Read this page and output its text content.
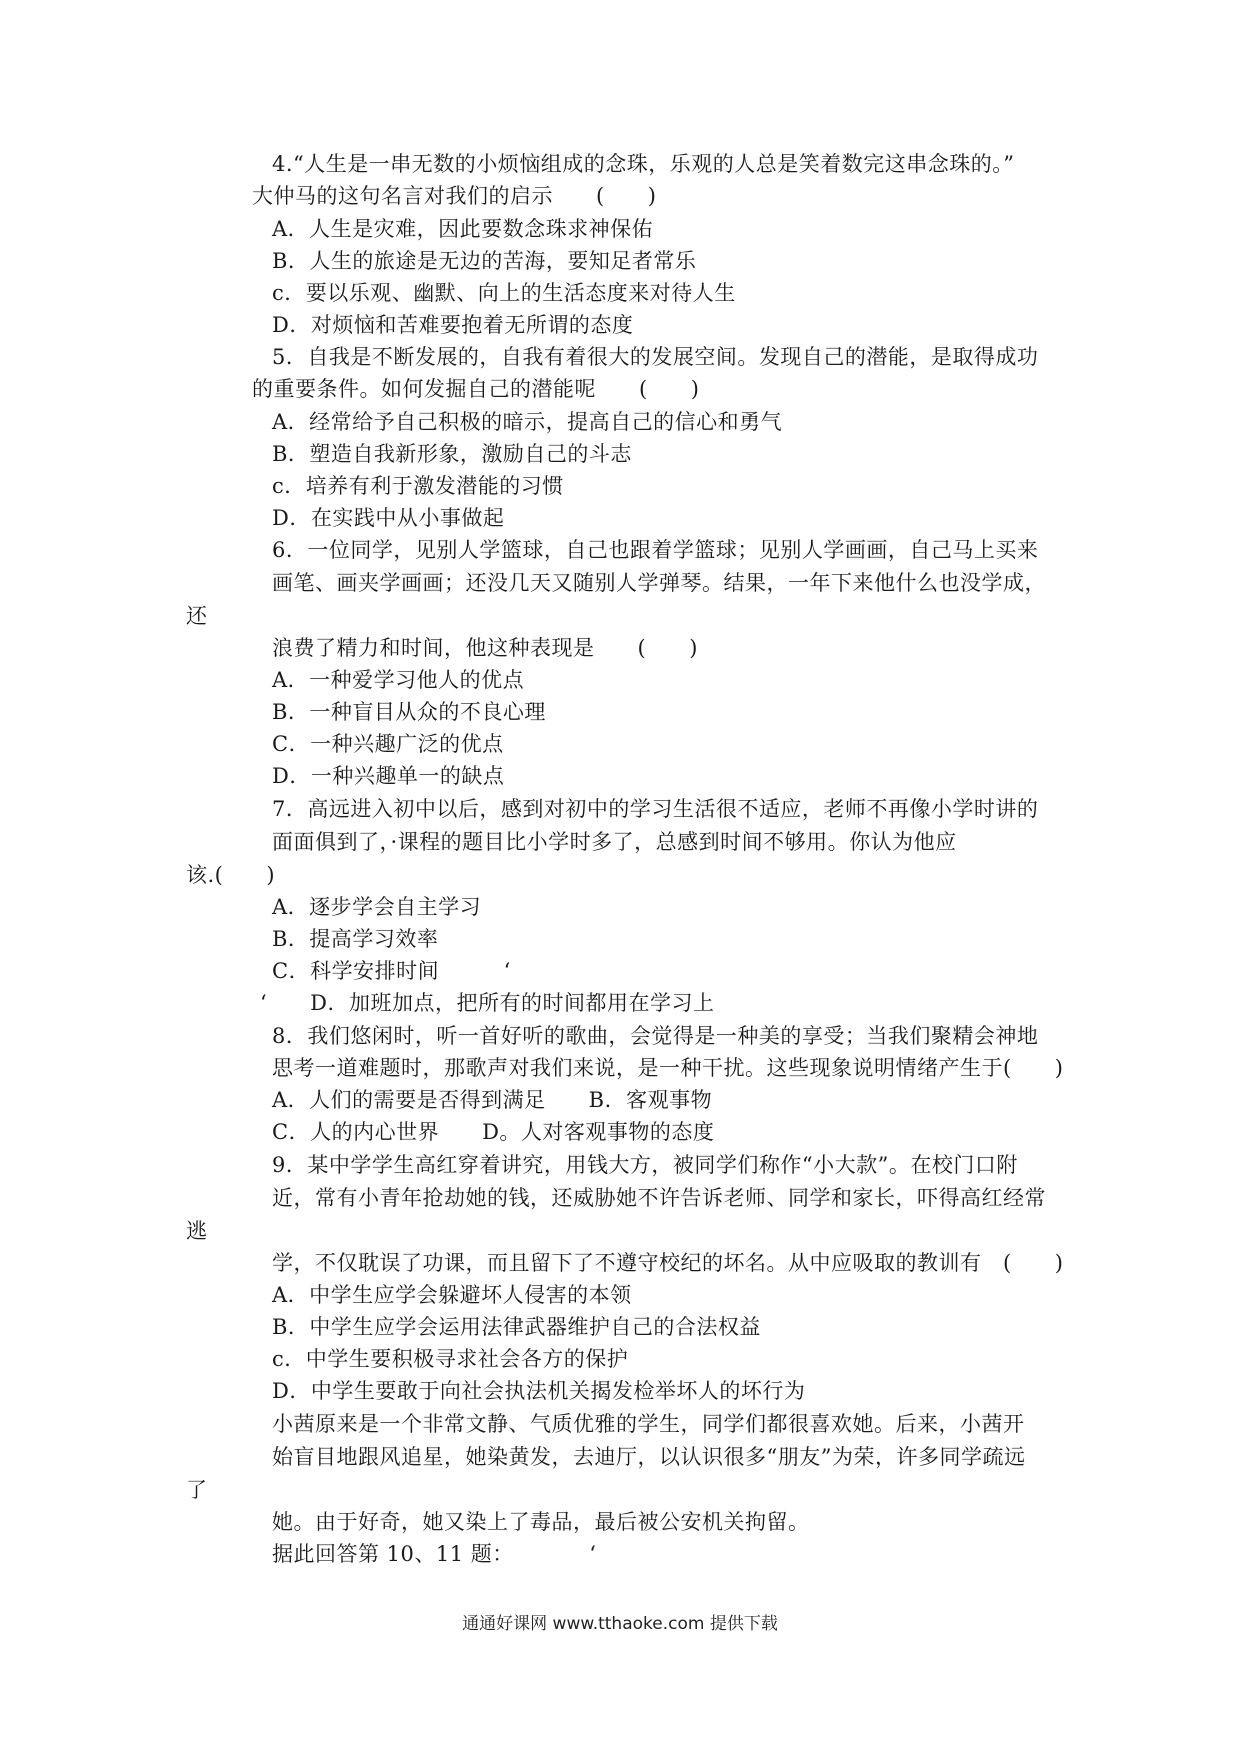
4.“人生是一串无数的小烦恼组成的念珠，乐观的人总是笑着数完这串念珠的。”
大仲马的这句名言对我们的启示　　(　　)
A．人生是灾难，因此要数念珠求神保佑
B．人生的旅途是无边的苦海，要知足者常乐
c．要以乐观、幽默、向上的生活态度来对待人生
D．对烦恼和苦难要抱着无所谓的态度
5．自我是不断发展的，自我有着很大的发展空间。发现自己的潜能，是取得成功
的重要条件。如何发掘自己的潜能呢　　(　　)
A．经常给予自己积极的暗示，提高自己的信心和勇气
B．塑造自我新形象，激励自己的斗志
c．培养有利于激发潜能的习惯
D．在实践中从小事做起
6．一位同学，见别人学篮球，自己也跟着学篮球；见别人学画画，自己马上买来
画笔、画夹学画画；还没几天又随别人学弹琴。结果，一年下来他什么也没学成，
还
浪费了精力和时间，他这种表现是　　(　　)
A．一种爱学习他人的优点
B．一种盲目从众的不良心理
C．一种兴趣广泛的优点
D．一种兴趣单一的缺点
7．高远进入初中以后，感到对初中的学习生活很不适应，老师不再像小学时讲的
面面俱到了，·课程的题目比小学时多了，总感到时间不够用。你认为他应
该.(　　)
A．逐步学会自主学习
B．提高学习效率
C．科学安排时间　　　‘
‘　　D．加班加点，把所有的时间都用在学习上
8．我们悠闲时，听一首好听的歌曲，会觉得是一种美的享受；当我们聚精会神地
思考一道难题时，那歌声对我们来说，是一种干扰。这些现象说明情绪产生于(　　)
A．人们的需要是否得到满足　　B．客观事物
C．人的内心世界　　D。人对客观事物的态度
9．某中学学生高红穿着讲究，用钱大方，被同学们称作“小大款”。在校门口附
近，常有小青年抢劫她的钱，还威胁她不许告诉老师、同学和家长，吓得高红经常
逃
学，不仅耽误了功课，而且留下了不遵守校纪的坏名。从中应吸取的教训有　(　　)
A．中学生应学会躲避坏人侵害的本领
B．中学生应学会运用法律武器维护自己的合法权益
c．中学生要积极寻求社会各方的保护
D．中学生要敢于向社会执法机关揭发检举坏人的坏行为
小茜原来是一个非常文静、气质优雅的学生，同学们都很喜欢她。后来，小茜开
始盲目地跟风追星，她染黄发，去迪厅，以认识很多“朋友”为荣，许多同学疏远
了
她。由于好奇，她又染上了毒品，最后被公安机关拘留。
据此回答第 10、11 题：　　　　‘
通通好课网 www.tthaoke.com 提供下载
